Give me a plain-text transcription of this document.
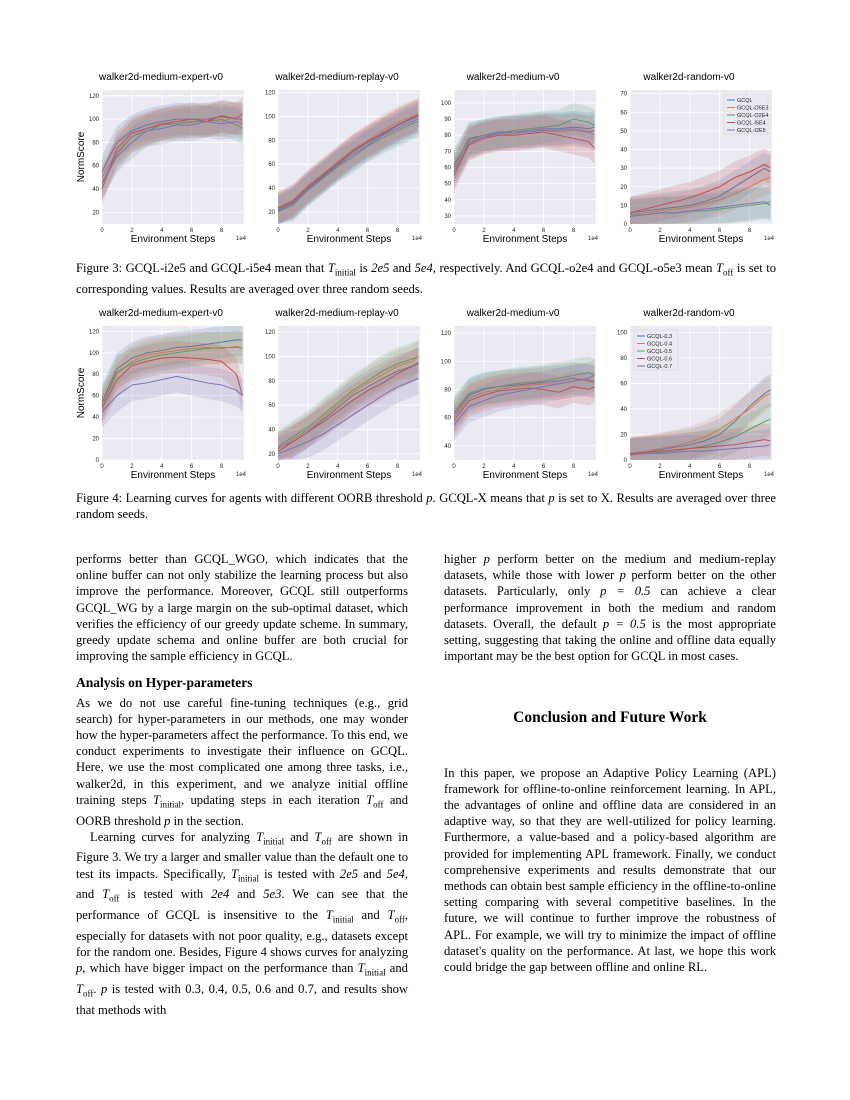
walker2d-medium-expert-v0
20
40
60
80
100
120
0	2	4	6	8
1e4
Environment Steps
NormScore
walker2d-medium-replay-v0
20
40
60
80
100
120
0	2	4	6	8
1e4
Environment Steps
walker2d-medium-v0
30
40
50
60
70
80
90
100
0	2	4	6	8
1e4
Environment Steps
walker2d-random-v0
0
10
20
30
40
50
60
70
0	2	4	6	8
1e4
Environment Steps
GCQL
GCQL-O5E3
GCQL-O2E4
GCQL-I5E4
GCQL-I2E5
Figure 3: GCQL-i2e5 and GCQL-i5e4 mean that $T_{initial}$ is 2e5 and 5e4, respectively. And GCQL-o2e4 and GCQL-o5e3 mean $T_{off}$ is set to corresponding values. Results are averaged over three random seeds.
walker2d-medium-expert-v0
0
20
40
60
80
100
120
0	2	4	6	8
1e4
Environment Steps
NormScore
walker2d-medium-replay-v0
20
40
60
80
100
120
0	2	4	6	8
1e4
Environment Steps
walker2d-medium-v0
40
60
80
100
120
0	2	4	6	8
1e4
Environment Steps
walker2d-random-v0
0
20
40
60
80
100
0	2	4	6	8
1e4
Environment Steps
GCQL-0.3
GCQL-0.4
GCQL-0.5
GCQL-0.6
GCQL-0.7
Figure 4: Learning curves for agents with different OORB threshold p. GCQL-X means that p is set to X. Results are averaged over three random seeds.

performs better than GCQL_WGO, which indicates that the online buffer can not only stabilize the learning process but also improve the performance. Moreover, GCQL still outperforms GCQL_WG by a large margin on the sub-optimal dataset, which verifies the efficiency of our greedy update scheme. In summary, greedy update schema and online buffer are both crucial for improving the sample efficiency in GCQL.

Analysis on Hyper-parameters

As we do not use careful fine-tuning techniques (e.g., grid search) for hyper-parameters in our methods, one may wonder how the hyper-parameters affect the performance. To this end, we conduct experiments to investigate their influence on GCQL. Here, we use the most complicated one among three tasks, i.e., walker2d, in this experiment, and we analyze initial offline training steps $T_{initial}$, updating steps in each iteration $T_{off}$ and OORB threshold p in the section.

Learning curves for analyzing $T_{initial}$ and $T_{off}$ are shown in Figure 3. We try a larger and smaller value than the default one to test its impacts. Specifically, $T_{initial}$ is tested with 2e5 and 5e4, and $T_{off}$ is tested with 2e4 and 5e3. We can see that the performance of GCQL is insensitive to the $T_{initial}$ and $T_{off}$, especially for datasets with not poor quality, e.g., datasets except for the random one. Besides, Figure 4 shows curves for analyzing p, which have bigger impact on the performance than $T_{initial}$ and $T_{off}$. p is tested with 0.3, 0.4, 0.5, 0.6 and 0.7, and results show that methods with

higher p perform better on the medium and medium-replay datasets, while those with lower p perform better on the other datasets. Particularly, only p = 0.5 can achieve a clear performance improvement in both the medium and random datasets. Overall, the default p = 0.5 is the most appropriate setting, suggesting that taking the online and offline data equally important may be the best option for GCQL in most cases.

Conclusion and Future Work

In this paper, we propose an Adaptive Policy Learning (APL) framework for offline-to-online reinforcement learning. In APL, the advantages of online and offline data are considered in an adaptive way, so that they are well-utilized for policy learning. Furthermore, a value-based and a policy-based algorithm are provided for implementing APL framework. Finally, we conduct comprehensive experiments and results demonstrate that our methods can obtain best sample efficiency in the offline-to-online setting comparing with several competitive baselines. In the future, we will continue to further improve the robustness of APL. For example, we will try to minimize the impact of offline dataset's quality on the performance. At last, we hope this work could bridge the gap between offline and online RL.
